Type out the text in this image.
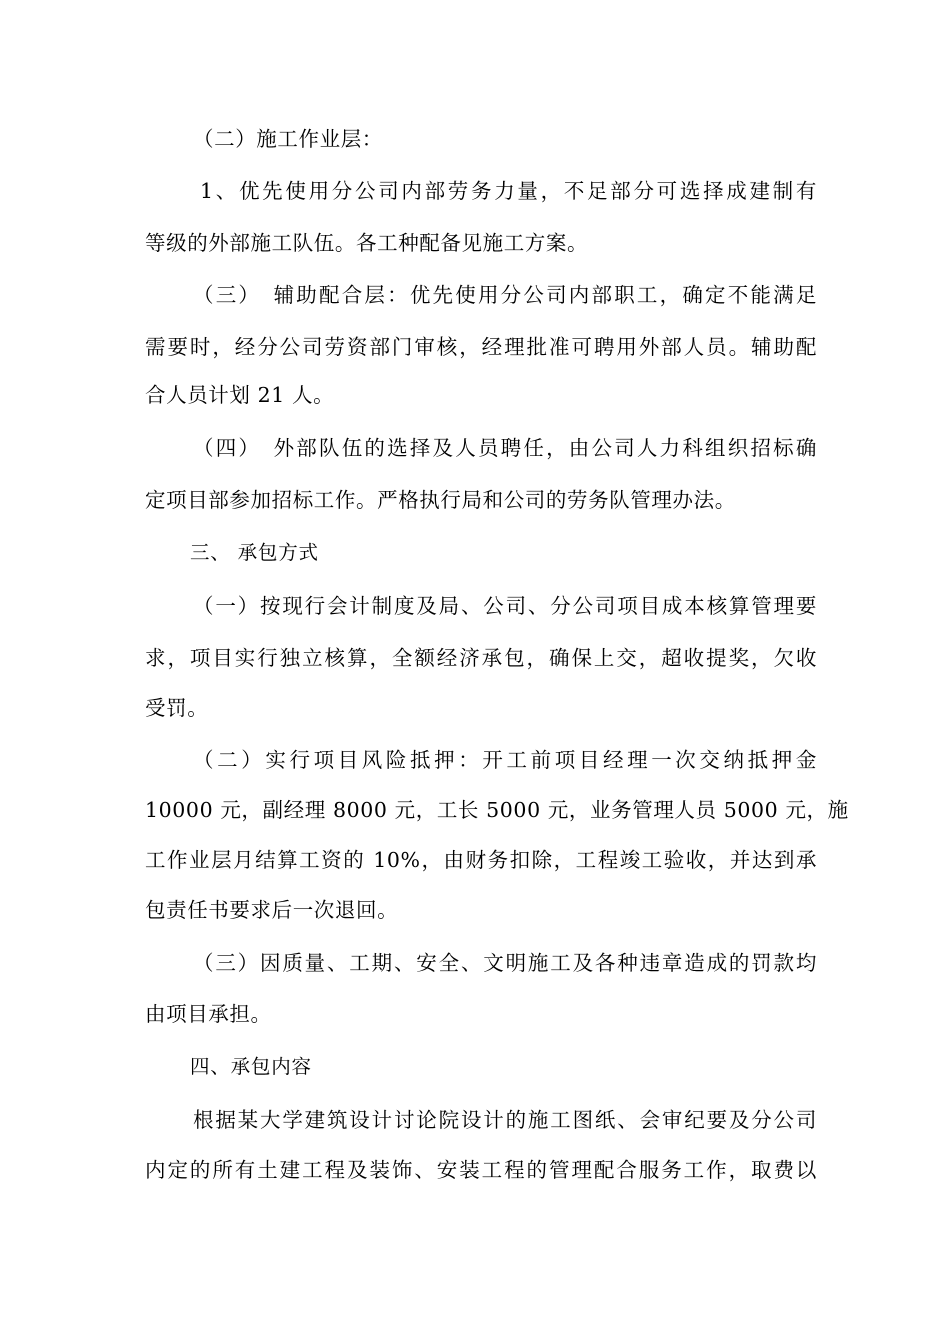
（二）施工作业层：
1、优先使用分公司内部劳务力量，不足部分可选择成建制有
等级的外部施工队伍。各工种配备见施工方案。
（三）　辅助配合层：优先使用分公司内部职工，确定不能满足
需要时，经分公司劳资部门审核，经理批准可聘用外部人员。辅助配
合人员计划 21 人。
（四）　外部队伍的选择及人员聘任，由公司人力科组织招标确
定项目部参加招标工作。严格执行局和公司的劳务队管理办法。
三、 承包方式
（一）按现行会计制度及局、公司、分公司项目成本核算管理要
求，项目实行独立核算，全额经济承包，确保上交，超收提奖，欠收
受罚。
（二）实行项目风险抵押：开工前项目经理一次交纳抵押金
10000 元，副经理 8000 元，工长 5000 元，业务管理人员 5000 元，施
工作业层月结算工资的 10%，由财务扣除，工程竣工验收，并达到承
包责任书要求后一次退回。
（三）因质量、工期、安全、文明施工及各种违章造成的罚款均
由项目承担。
四、承包内容
根据某大学建筑设计讨论院设计的施工图纸、会审纪要及分公司
内定的所有土建工程及装饰、安装工程的管理配合服务工作，取费以
